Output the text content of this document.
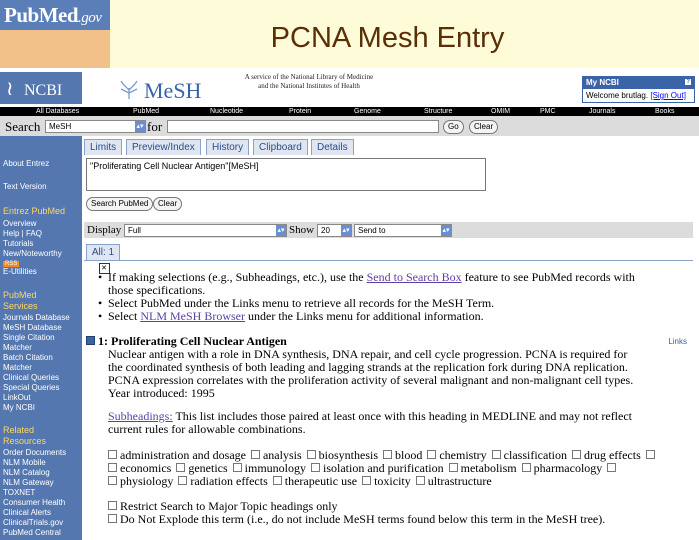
PubMed.gov
PCNA Mesh Entry
≀ NCBI	MeSH
A service of the National Library of Medicine
and the National Institutes of Health	My NCBI	?
Welcome brutlag. [Sign Out]
All Databases	PubMed	Nucleotide	Protein	Genome	Structure	OMIM	PMC	Journals	Books
Search	MeSH	▴▾ for	Go	Clear
About Entrez
Text Version
Entrez PubMed
Overview
Help | FAQ
Tutorials
New/Noteworthy
RSS
E-Utilities
PubMed
Services
Journals Database
MeSH Database
Single Citation
Matcher
Batch Citation
Matcher
Clinical Queries
Special Queries
LinkOut
My NCBI
Related
Resources
Order Documents
NLM Mobile
NLM Catalog
NLM Gateway
TOXNET
Consumer Health
Clinical Alerts
ClinicalTrials.gov
PubMed Central
Limits	Preview/Index	History	Clipboard	Details
"Proliferating Cell Nuclear Antigen"[MeSH]
Search PubMed	Clear
Display Full	▴▾ Show 20 ▴▾	Send to	▴▾
All: 1✕
• If making selections (e.g., Subheadings, etc.), use the Send to Search Box feature to see PubMed records with
those specifications.
• Select PubMed under the Links menu to retrieve all records for the MeSH Term.
• Select NLM MeSH Browser under the Links menu for additional information.
1: Proliferating Cell Nuclear Antigen	Links
Nuclear antigen with a role in DNA synthesis, DNA repair, and cell cycle progression. PCNA is required for
the coordinated synthesis of both leading and lagging strands at the replication fork during DNA replication.
PCNA expression correlates with the proliferation activity of several malignant and non-malignant cell types.
Year introduced: 1995
Subheadings: This list includes those paired at least once with this heading in MEDLINE and may not reflect
current rules for allowable combinations.
administration and dosage analysis biosynthesis blood chemistry classification drug effects
economics genetics immunology isolation and purification metabolism pharmacology
physiology radiation effects therapeutic use toxicity ultrastructure
Restrict Search to Major Topic headings only
Do Not Explode this term (i.e., do not include MeSH terms found below this term in the MeSH tree).
